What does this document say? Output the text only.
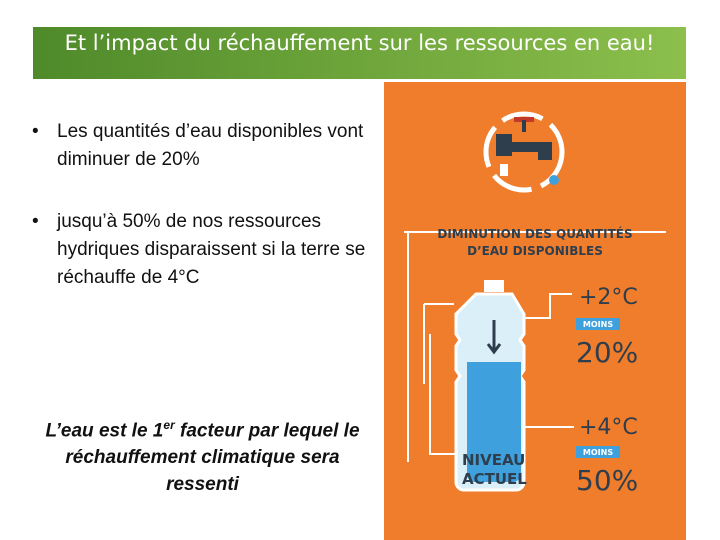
Et l’impact du réchauffement sur les ressources en eau!
• Les quantités d’eau disponibles vont diminuer de 20%
• jusqu’à 50% de nos ressources hydriques disparaissent si la terre se réchauffe de 4°C
L’eau est le 1er facteur par lequel le réchauffement climatique sera ressenti
DIMINUTION DES QUANTITÉS
D’EAU DISPONIBLES
+2°C
MOINS
20%
+4°C
MOINS
50%
NIVEAU
ACTUEL
